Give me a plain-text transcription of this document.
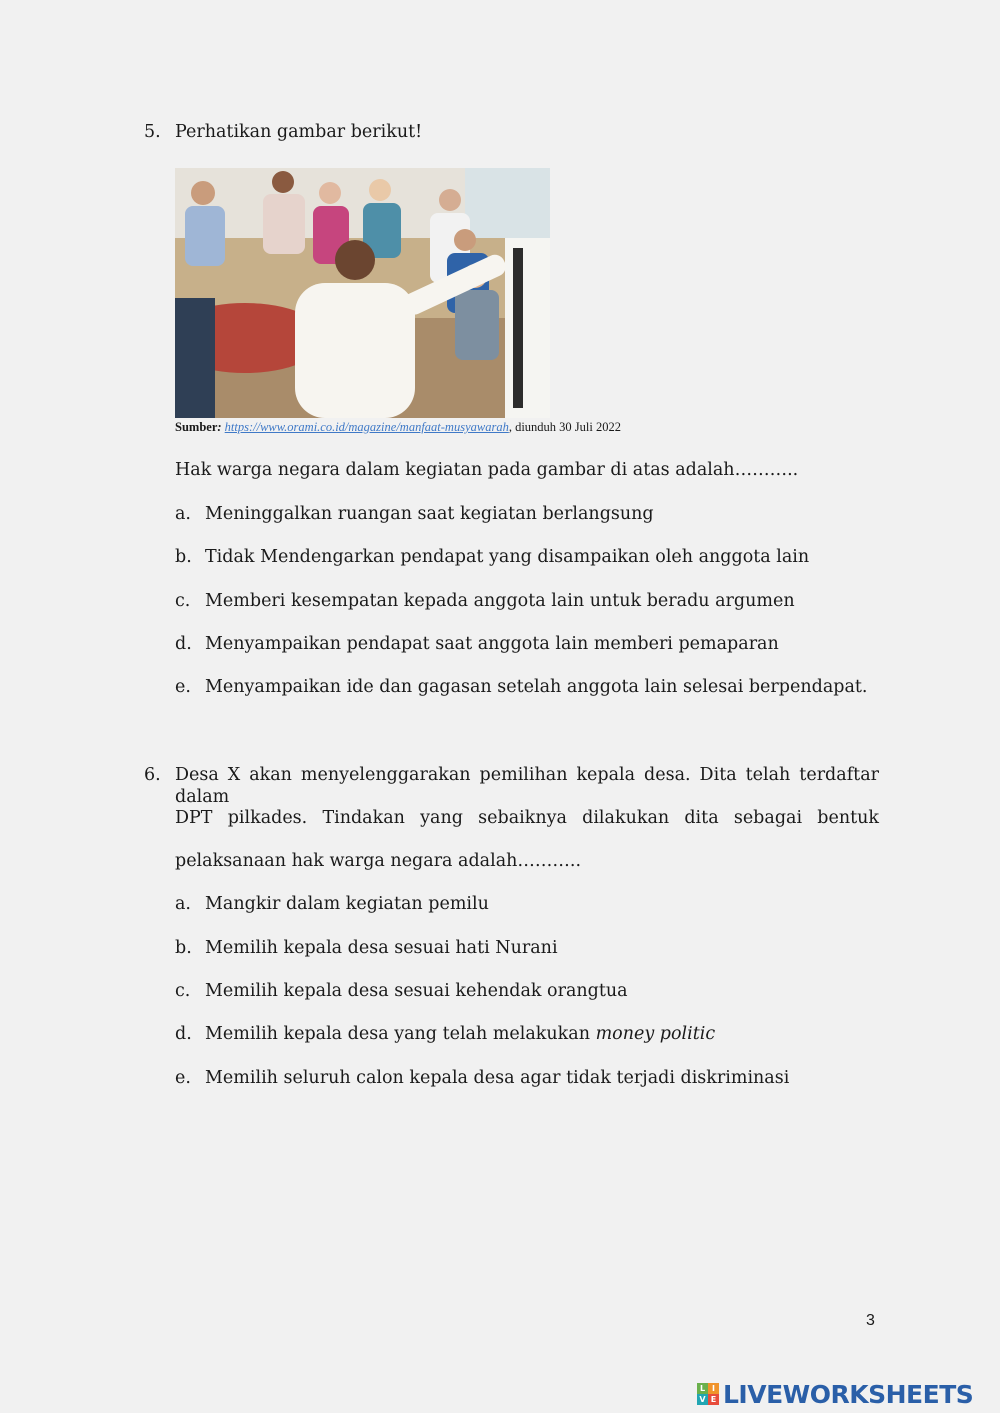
5. Perhatikan gambar berikut!
Sumber: https://www.orami.co.id/magazine/manfaat-musyawarah, diunduh 30 Juli 2022
Hak warga negara dalam kegiatan pada gambar di atas adalah………..
a. Meninggalkan ruangan saat kegiatan berlangsung
b. Tidak Mendengarkan pendapat yang disampaikan oleh anggota lain
c. Memberi kesempatan kepada anggota lain untuk beradu argumen
d. Menyampaikan pendapat saat anggota lain memberi pemaparan
e. Menyampaikan ide dan gagasan setelah anggota lain selesai berpendapat.
6. Desa X akan menyelenggarakan pemilihan kepala desa. Dita telah terdaftar dalam
DPT pilkades. Tindakan yang sebaiknya dilakukan dita sebagai bentuk
pelaksanaan hak warga negara adalah………..
a. Mangkir dalam kegiatan pemilu
b. Memilih kepala desa sesuai hati Nurani
c. Memilih kepala desa sesuai kehendak orangtua
d. Memilih kepala desa yang telah melakukan money politic
e. Memilih seluruh calon kepala desa agar tidak terjadi diskriminasi
3
L I
V E LIVEWORKSHEETS
